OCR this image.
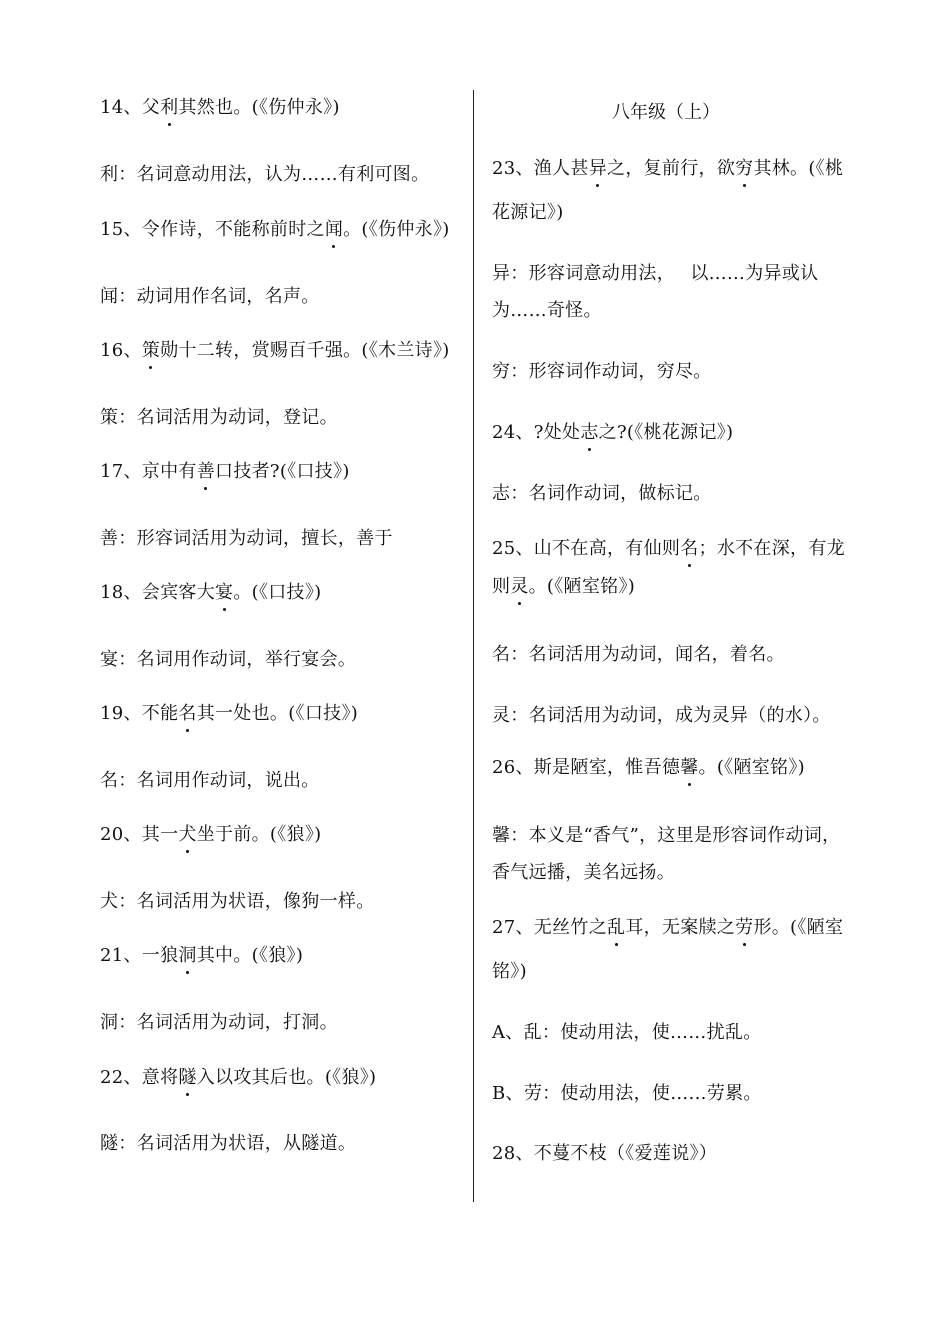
14、父利其然也。(《伤仲永》)
利：名词意动用法，认为……有利可图。
15、令作诗，不能称前时之闻。(《伤仲永》)
闻：动词用作名词，名声。
16、策勋十二转，赏赐百千强。(《木兰诗》)
策：名词活用为动词，登记。
17、京中有善口技者?(《口技》)
善：形容词活用为动词，擅长，善于
18、会宾客大宴。(《口技》)
宴：名词用作动词，举行宴会。
19、不能名其一处也。(《口技》)
名：名词用作动词，说出。
20、其一犬坐于前。(《狼》)
犬：名词活用为状语，像狗一样。
21、一狼洞其中。(《狼》)
洞：名词活用为动词，打洞。
22、意将隧入以攻其后也。(《狼》)
隧：名词活用为状语，从隧道。
八年级（上）
23、渔人甚异之，复前行，欲穷其林。(《桃
花源记》)
异：形容词意动用法，　 以……为异或认
为……奇怪。
穷：形容词作动词，穷尽。
24、?处处志之?(《桃花源记》)
志：名词作动词，做标记。
25、山不在高，有仙则名；水不在深，有龙
则灵。(《陋室铭》)
名：名词活用为动词，闻名，着名。
灵：名词活用为动词，成为灵异（的水）。
26、斯是陋室，惟吾德馨。(《陋室铭》)
馨：本义是“香气”，这里是形容词作动词，
香气远播，美名远扬。
27、无丝竹之乱耳，无案牍之劳形。(《陋室
铭》)
A、乱：使动用法，使……扰乱。
B、劳：使动用法，使……劳累。
28、不蔓不枝（《爱莲说》）
